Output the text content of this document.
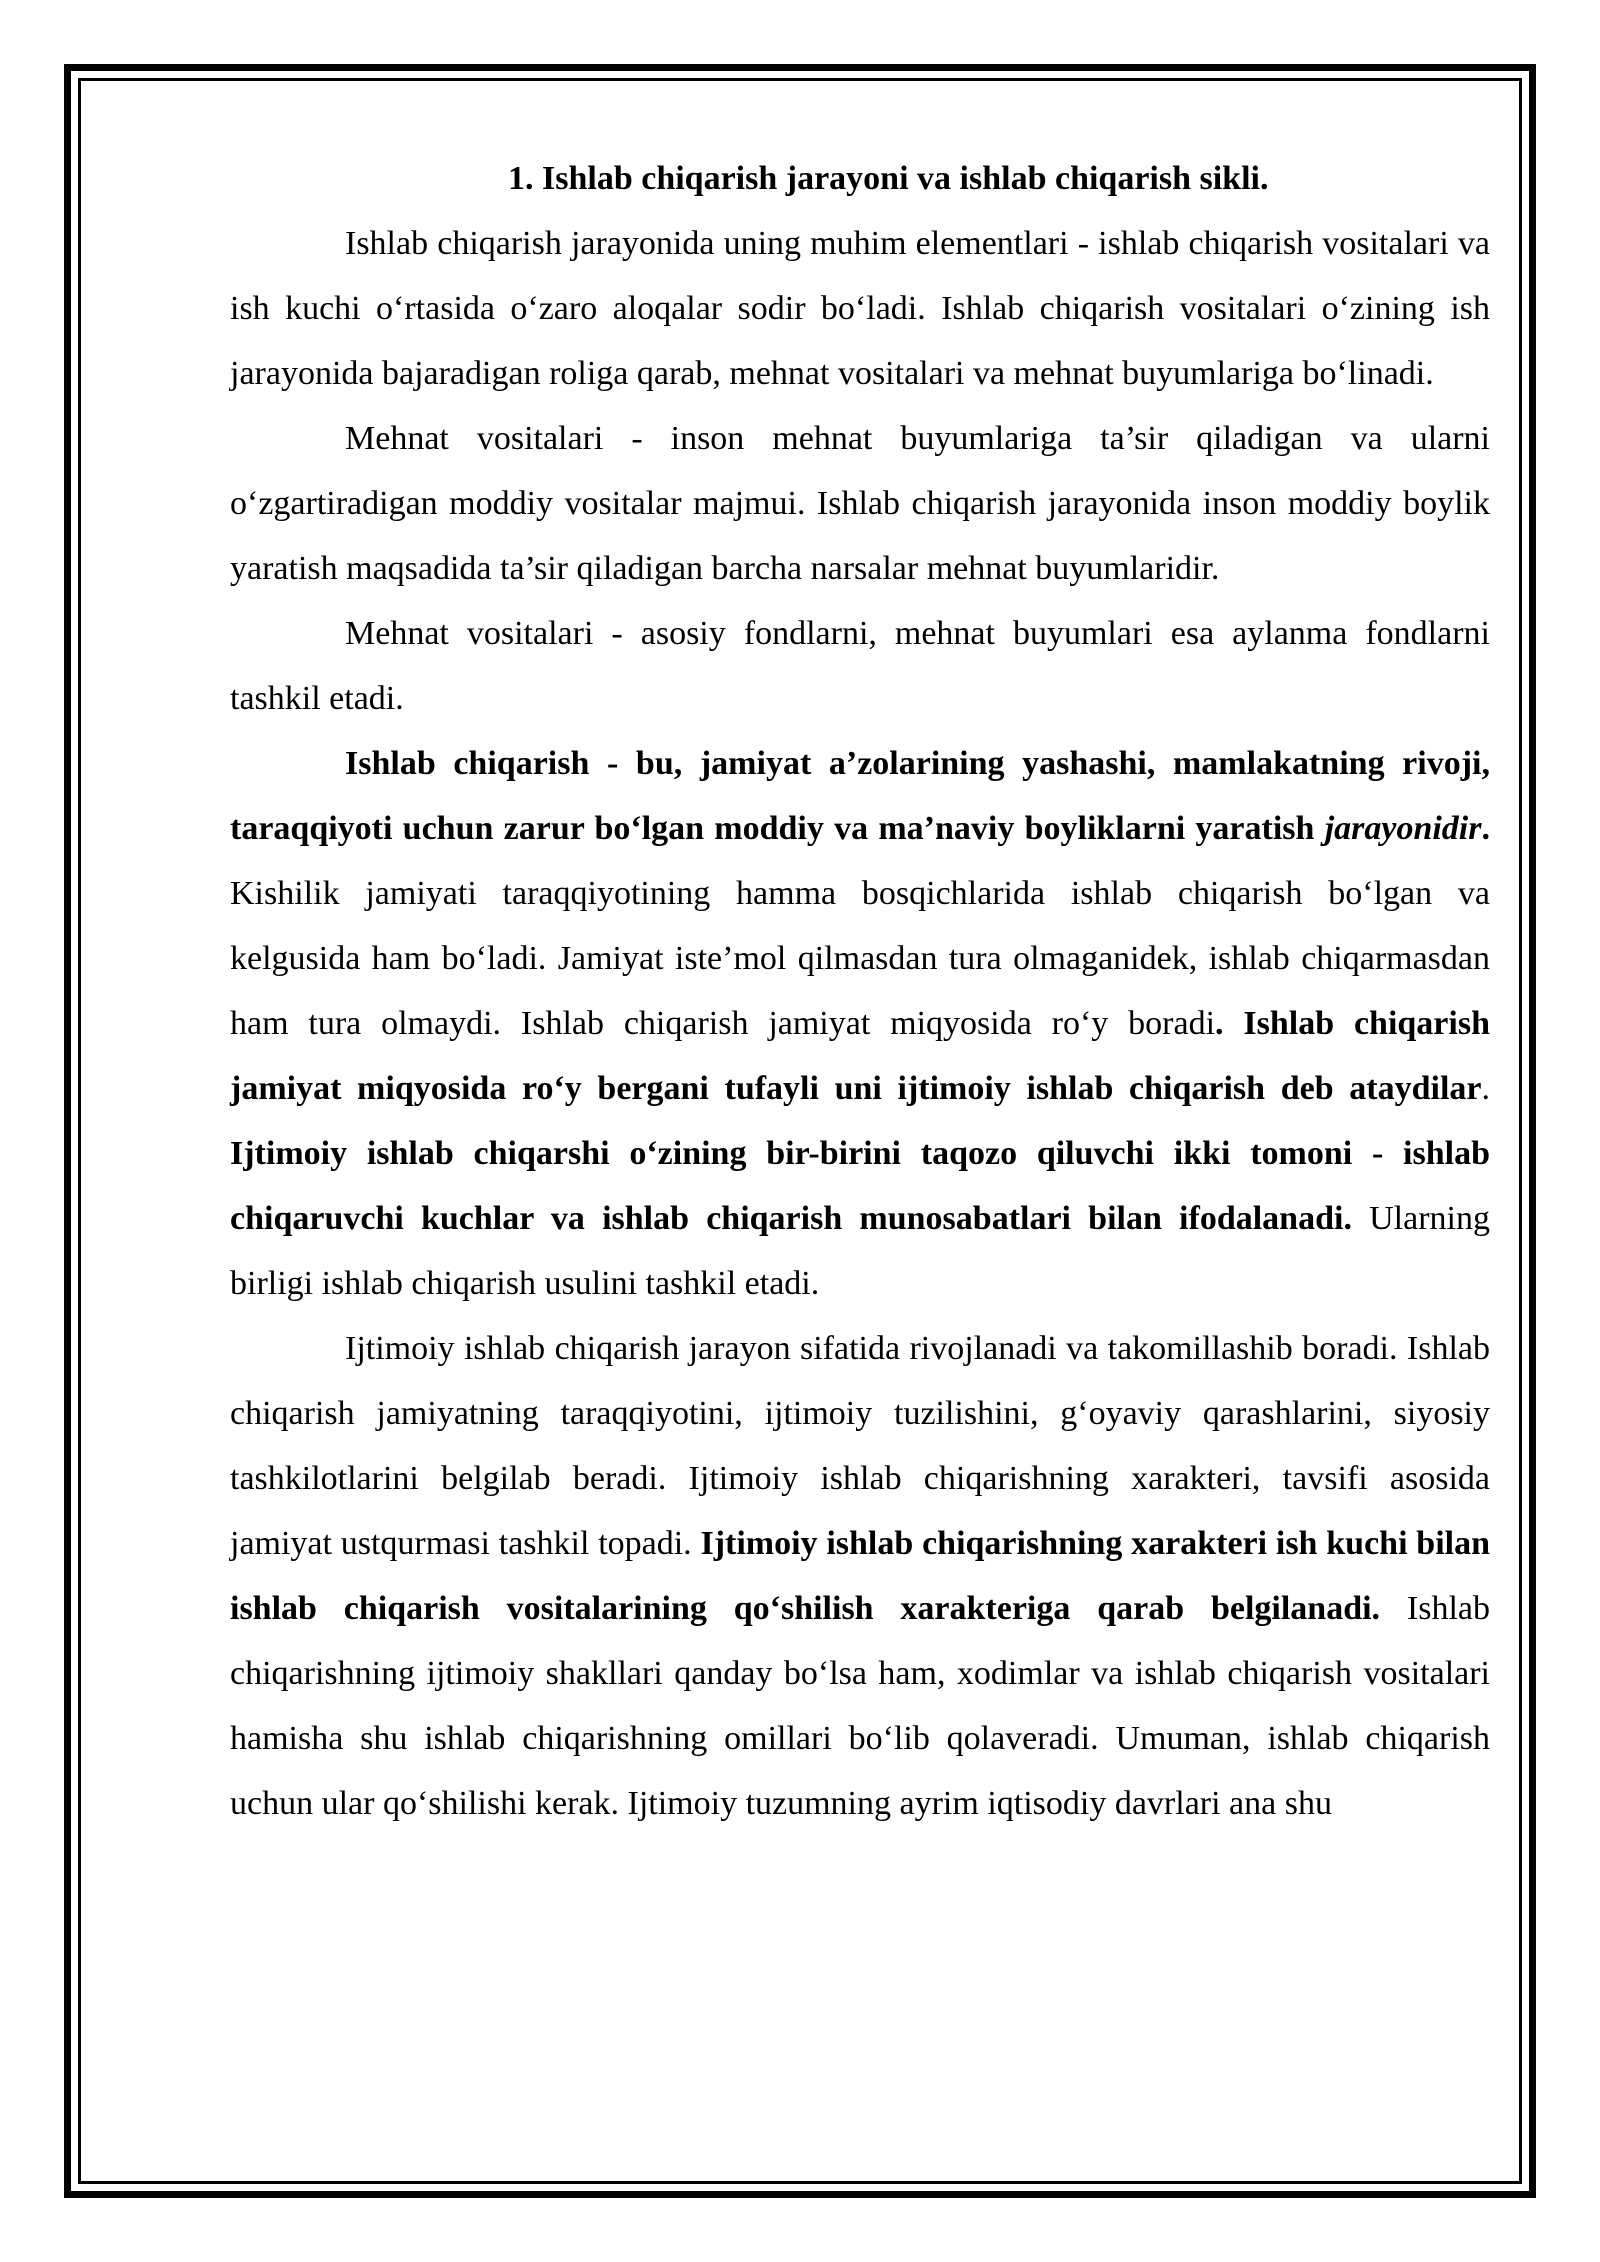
1. Ishlab chiqarish jarayoni va ishlab chiqarish sikli.

Ishlab chiqarish jarayonida uning muhim elementlari - ishlab chiqarish vositalari va ish kuchi o‘rtasida o‘zaro aloqalar sodir bo‘ladi. Ishlab chiqarish vositalari o‘zining ish jarayonida bajaradigan roliga qarab, mehnat vositalari va mehnat buyumlariga bo‘linadi.

Mehnat vositalari - inson mehnat buyumlariga ta’sir qiladigan va ularni o‘zgartiradigan moddiy vositalar majmui. Ishlab chiqarish jarayonida inson moddiy boylik yaratish maqsadida ta’sir qiladigan barcha narsalar mehnat buyumlaridir.

Mehnat vositalari - asosiy fondlarni, mehnat buyumlari esa aylanma fondlarni tashkil etadi.

Ishlab chiqarish - bu, jamiyat a’zolarining yashashi, mamlakatning rivoji, taraqqiyoti uchun zarur bo‘lgan moddiy va ma’naviy boyliklarni yaratish jarayonidir. Kishilik jamiyati taraqqiyotining hamma bosqichlarida ishlab chiqarish bo‘lgan va kelgusida ham bo‘ladi. Jamiyat iste’mol qilmasdan tura olmaganidek, ishlab chiqarmasdan ham tura olmaydi. Ishlab chiqarish jamiyat miqyosida ro‘y boradi. Ishlab chiqarish jamiyat miqyosida ro‘y bergani tufayli uni ijtimoiy ishlab chiqarish deb ataydilar. Ijtimoiy ishlab chiqarshi o‘zining bir-birini taqozo qiluvchi ikki tomoni - ishlab chiqaruvchi kuchlar va ishlab chiqarish munosabatlari bilan ifodalanadi. Ularning birligi ishlab chiqarish usulini tashkil etadi.

Ijtimoiy ishlab chiqarish jarayon sifatida rivojlanadi va takomillashib boradi. Ishlab chiqarish jamiyatning taraqqiyotini, ijtimoiy tuzilishini, g‘oyaviy qarashlarini, siyosiy tashkilotlarini belgilab beradi. Ijtimoiy ishlab chiqarishning xarakteri, tavsifi asosida jamiyat ustqurmasi tashkil topadi. Ijtimoiy ishlab chiqarishning xarakteri ish kuchi bilan ishlab chiqarish vositalarining qo‘shilish xarakteriga qarab belgilanadi. Ishlab chiqarishning ijtimoiy shakllari qanday bo‘lsa ham, xodimlar va ishlab chiqarish vositalari hamisha shu ishlab chiqarishning omillari bo‘lib qolaveradi. Umuman, ishlab chiqarish uchun ular qo‘shilishi kerak. Ijtimoiy tuzumning ayrim iqtisodiy davrlari ana shu
